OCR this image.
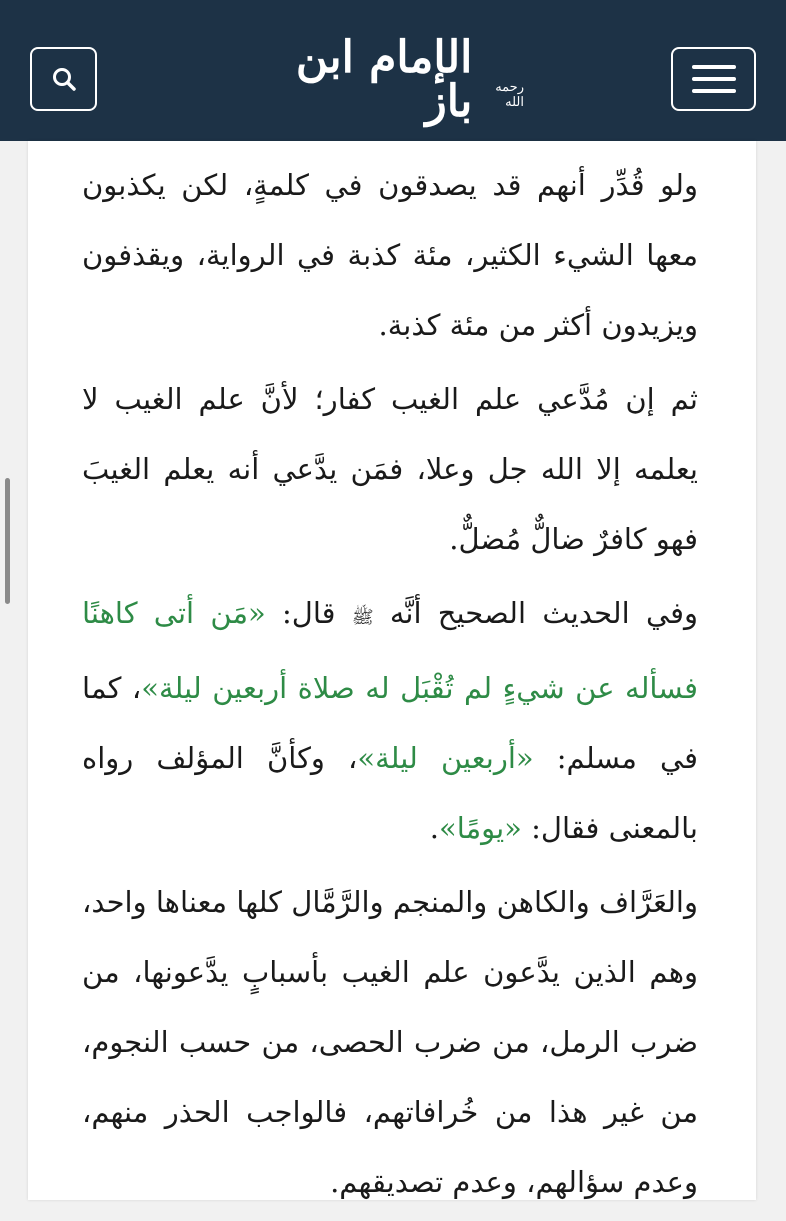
رحمه الله
الإمام ابن باز

ولو قُدِّر أنهم قد يصدقون في كلمةٍ، لكن يكذبون معها الشيء الكثير، مئة كذبة في الرواية، ويقذفون ويزيدون أكثر من مئة كذبة.

ثم إن مُدَّعي علم الغيب كفار؛ لأنَّ علم الغيب لا يعلمه إلا الله جل وعلا، فمَن يدَّعي أنه يعلم الغيبَ فهو كافرٌ ضالٌّ مُضلٌّ.

وفي الحديث الصحيح أنَّه ﷺ قال: «مَن أتى كاهنًا فسأله عن شيءٍ لم تُقْبَل له صلاة أربعين ليلة»، كما في مسلم: «أربعين ليلة»، وكأنَّ المؤلف رواه بالمعنى فقال: «يومًا».

والعَرَّاف والكاهن والمنجم والرَّمَّال كلها معناها واحد، وهم الذين يدَّعون علم الغيب بأسبابٍ يدَّعونها، من ضرب الرمل، من ضرب الحصى، من حسب النجوم، من غير هذا من خُرافاتهم، فالواجب الحذر منهم، وعدم سؤالهم، وعدم تصديقهم.
